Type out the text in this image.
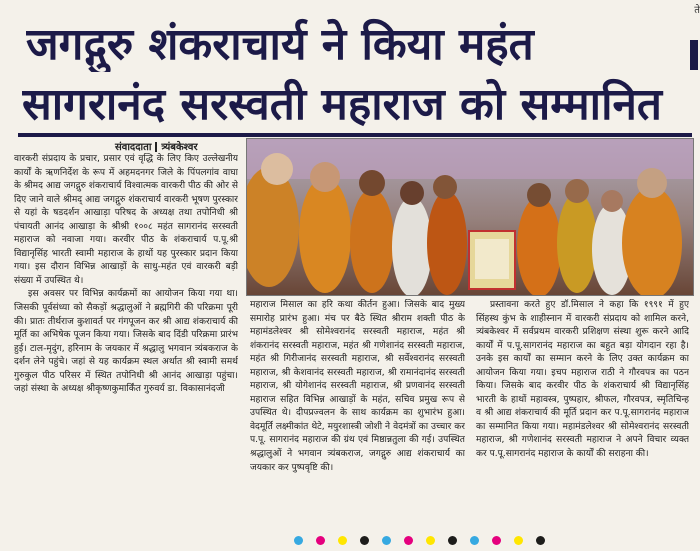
जगद्गुरु शंकराचार्य ने किया महंत
सागरानंद सरस्वती महाराज को सम्मानित
संवाददाता त्र्यंबकेश्वर
ते

वारकरी संप्रदाय के प्रचार, प्रसार एवं वृद्धि के लिए किए उल्लेखनीय कार्यों के ऋणनिर्देश के रूप में अहमदनगर जिले के पिंपलगांव वाघा के श्रीमद आद्य जगद्गुरु शंकराचार्य विश्वात्मक वारकरी पीठ की ओर से दिए जाने वाले श्रीमद् आद्य जगद्गुरु शंकराचार्य वारकरी भूषण पुरस्कार से यहां के षडदर्शन आखाड़ा परिषद के अध्यक्ष तथा तपोनिधी श्री पंचायती आनंद आखाड़ा के श्रीश्री १००८ महंत सागरानंद सरस्वती महाराज को नवाजा गया। करवीर पीठ के शंकराचार्य प.पू.श्री विद्यानृसिंह भारती स्वामी महाराज के हाथों यह पुरस्कार प्रदान किया गया। इस दौरान विभिन्न आखाड़ों के साधु-महंत एवं वारकरी बड़ी संख्या में उपस्थित थे।

इस अवसर पर विभिन्न कार्यक्रमों का आयोजन किया गया था। जिसकी पूर्वसंध्या को सैकड़ों श्रद्धालुओं ने ब्रह्मगिरी की परिक्रमा पूरी की। प्रातः तीर्थराज कुशावर्त पर गंगपूजन कर श्री आद्य शंकराचार्य की मूर्ति का अभिषेक पूजन किया गया। जिसके बाद दिंडी परिक्रमा प्रारंभ हुई। टाल-मृदुंग, हरिनाम के जयकार में श्रद्धालु भगवान त्र्यंबकराज के दर्शन लेने पहुंचे। जहां से यह कार्यक्रम स्थल अर्थात श्री स्वामी समर्थ गुरुकुल पीठ परिसर में स्थित तपोनिधी श्री आनंद आखाड़ा पहुंचा। जहां संस्था के अध्यक्ष श्रीकृष्णकुमार्किंत गुरुवर्य डा. विकासानंदजी

महाराज मिसाल का हरि कथा कीर्तन हुआ। जिसके बाद मुख्य समारोह प्रारंभ हुआ। मंच पर बैठे स्थित श्रीराम शक्ती पीठ के महामंडलेश्वर श्री सोमेश्वरानंद सरस्वती महाराज, महंत श्री शंकरानंद सरस्वती महाराज, महंत श्री गणेशानंद सरस्वती महाराज, महंत श्री गिरीजानंद सरस्वती महाराज, श्री सर्वेश्वरानंद सरस्वती महाराज, श्री केशवानंद सरस्वती महाराज, श्री रामानंदानंद सरस्वती महाराज, श्री योगेशानंद सरस्वती महाराज, श्री प्रणवानंद सरस्वती महाराज सहित विभिन्न आखाड़ों के महंत, सचिव प्रमुख रूप से उपस्थित थे। दीपप्रज्वलन के साथ कार्यक्रम का शुभारंभ हुआ। वेदमूर्ति लक्ष्मीकांत थेटे, मयुरशास्त्री जोशी ने वेदमंत्रों का उच्चार कर प.पू. सागरानंद महाराज की ग्रंथ एवं मिष्ठान्नतुला की गई। उपस्थित श्रद्धालुओं ने भगवान त्र्यंबकराज, जगद्गुरु आद्य शंकराचार्य का जयकार कर पुष्पवृष्टि की।

प्रस्तावना करते हुए डॉ.मिसाल ने कहा कि १९९१ में हुए सिंहस्थ कुंभ के शाहीस्नान में वारकरी संप्रदाय को शामिल करने, त्र्यंबकेश्वर में सर्वप्रथम वारकरी प्रशिक्षण संस्था शुरू करने आदि कार्यों में प.पू.सागरानंद महाराज का बहुत बड़ा योगदान रहा है। उनके इस कार्यों का सम्मान करने के लिए उक्त कार्यक्रम का आयोजन किया गया। इचप महाराज राठी ने गौरवपत्र का पठन किया। जिसके बाद करवीर पीठ के शंकराचार्य श्री विद्यानृसिंह भारती के हाथों महावस्त्र, पुष्पहार, श्रीफल, गौरवपत्र, स्मृतिचिन्ह व श्री आद्य शंकराचार्य की मूर्ति प्रदान कर प.पू.सागरानंद महाराज का सम्मानित किया गया। महामंडलेश्वर श्री सोमेश्वरानंद सरस्वती महाराज, श्री गणेशानंद सरस्वती महाराज ने अपने विचार व्यक्त कर प.पू.सागरानंद महाराज के कार्यों की सराहना की।
